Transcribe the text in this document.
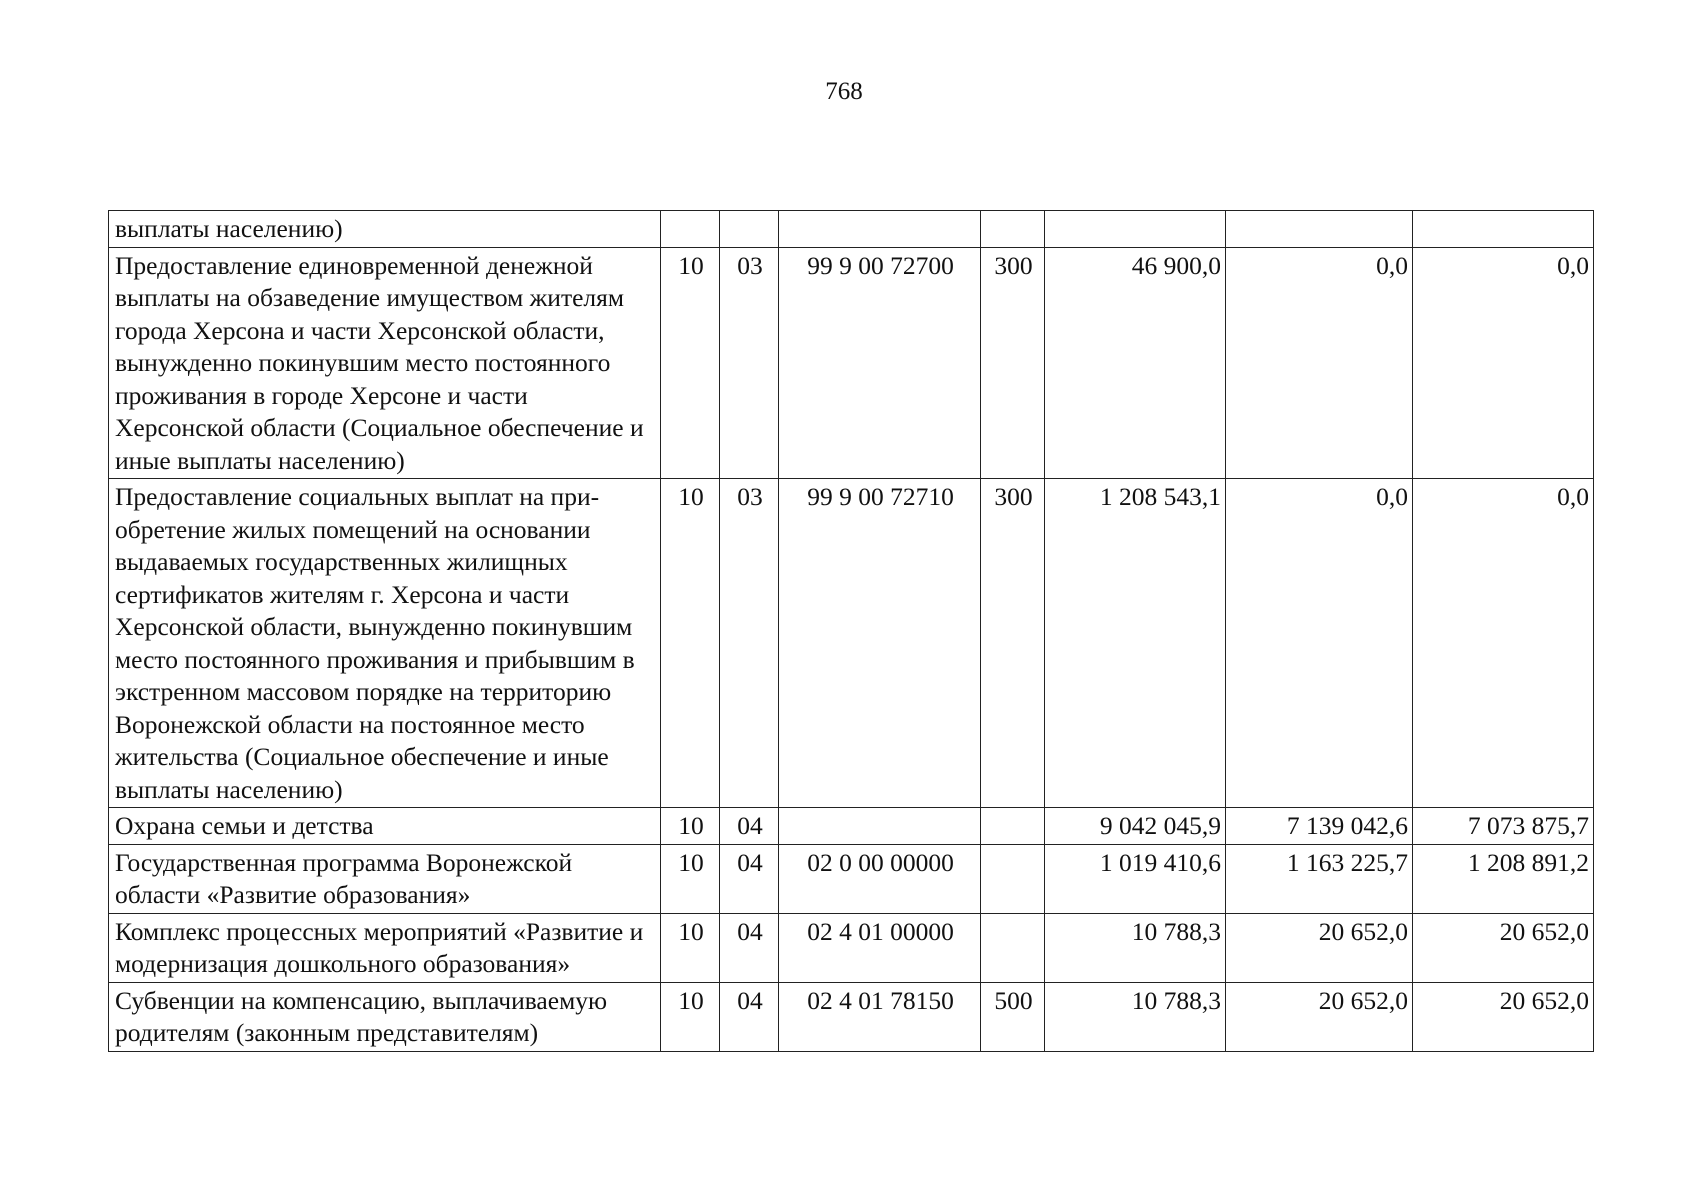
768
выплаты населению)							
Предоставление единовременной денежной выплаты на обзаведение имуществом жителям города Херсона и части Херсонской области, вынужденно покинувшим место постоянного проживания в городе Херсоне и части Херсонской области (Социальное обеспечение и иные выплаты населению)	10	03	99 9 00 72700	300	46 900,0	0,0	0,0
Предоставление социальных выплат на приобретение жилых помещений на основании выдаваемых государственных жилищных сертификатов жителям г. Херсона и части Херсонской области, вынужденно покинувшим место постоянного проживания и прибывшим в экстренном массовом порядке на территорию Воронежской области на постоянное место жительства (Социальное обеспечение и иные выплаты населению)	10	03	99 9 00 72710	300	1 208 543,1	0,0	0,0
Охрана семьи и детства	10	04			9 042 045,9	7 139 042,6	7 073 875,7
Государственная программа Воронежской области «Развитие образования»	10	04	02 0 00 00000		1 019 410,6	1 163 225,7	1 208 891,2
Комплекс процессных мероприятий «Развитие и модернизация дошкольного образования»	10	04	02 4 01 00000		10 788,3	20 652,0	20 652,0
Субвенции на компенсацию, выплачиваемую родителям (законным представителям)	10	04	02 4 01 78150	500	10 788,3	20 652,0	20 652,0
